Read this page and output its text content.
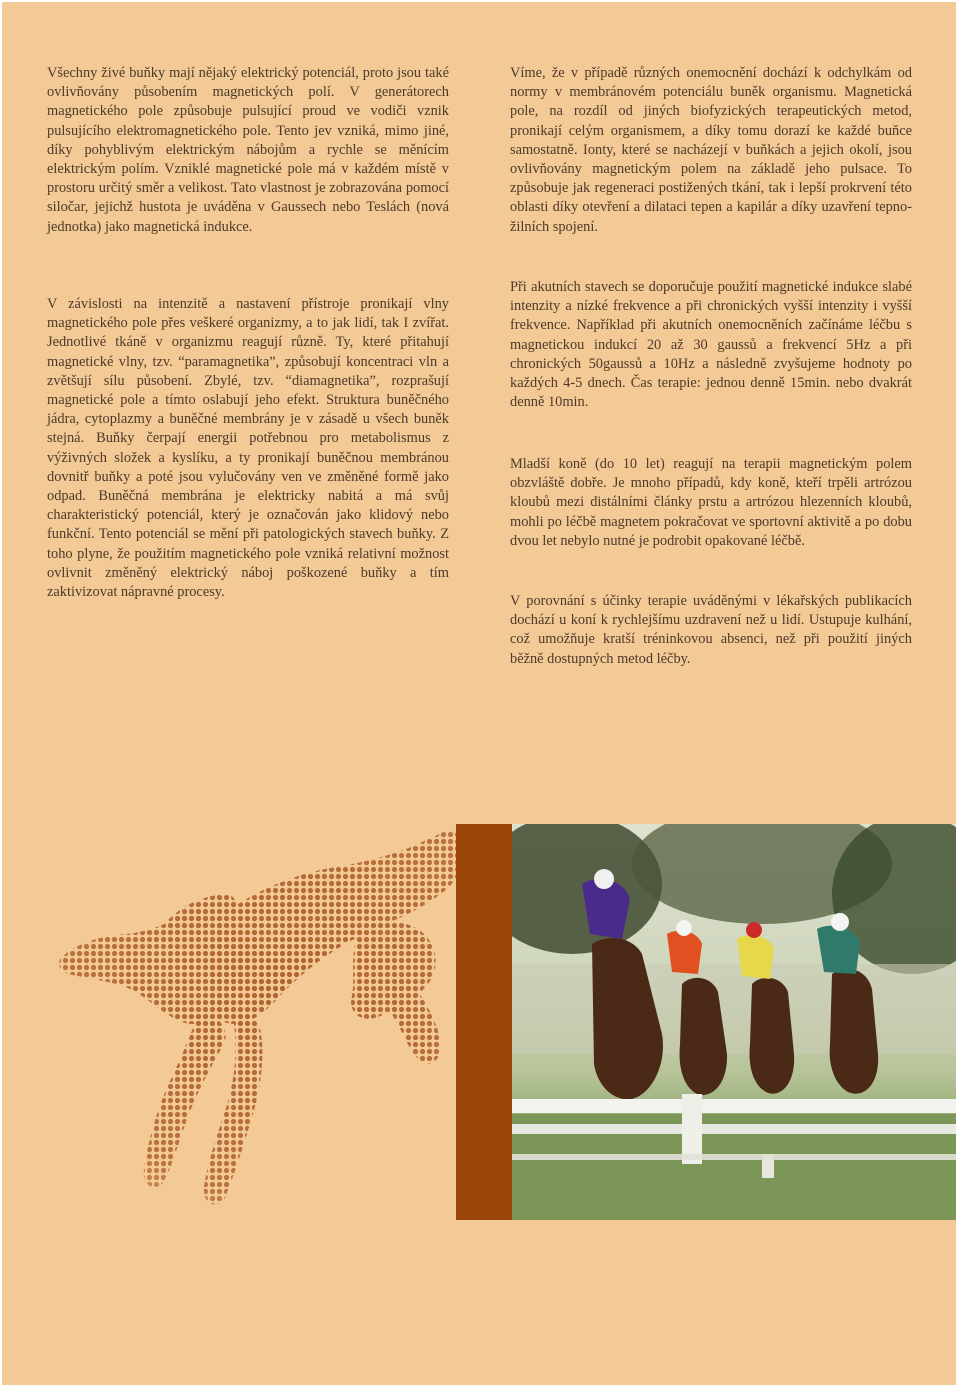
Všechny živé buňky mají nějaký elektrický potenciál, proto jsou také ovlivňovány působením magnetických polí. V generátorech magnetického pole způsobuje pulsující proud ve vodiči vznik pulsujícího elektromagnetického pole. Tento jev vzniká, mimo jiné, díky pohyblivým elektrickým nábojům a rychle se měnícím elektrickým polím. Vzniklé magnetické pole má v každém místě v prostoru určitý směr a velikost. Tato vlastnost je zobrazována pomocí siločar, jejichž hustota je uváděna v Gaussech nebo Teslách (nová jednotka) jako magnetická indukce.

Víme, že v případě různých onemocnění dochází k odchylkám od normy v membránovém potenciálu buněk organismu. Magnetická pole, na rozdíl od jiných biofyzických terapeutických metod, pronikají celým organismem, a díky tomu dorazí ke každé buňce samostatně. Ionty, které se nacházejí v buňkách a jejich okolí, jsou ovlivňovány magnetickým polem na základě jeho pulsace. To způsobuje jak regeneraci postižených tkání, tak i lepší prokrvení této oblasti díky otevření a dilataci tepen a kapilár a díky uzavření tepno-žilních spojení.

V závislosti na intenzitě a nastavení přístroje pronikají vlny magnetického pole přes veškeré organizmy, a to jak lidí, tak I zvířat. Jednotlivé tkáně v organizmu reagují různě. Ty, které přitahují magnetické vlny, tzv. “paramagnetika”, způsobují koncentraci vln a zvětšují sílu působení. Zbylé, tzv. “diamagnetika”, rozprašují magnetické pole a tímto oslabují jeho efekt. Struktura buněčného jádra, cytoplazmy a buněčné membrány je v zásadě u všech buněk stejná. Buňky čerpají energii potřebnou pro metabolismus z výživných složek a kyslíku, a ty pronikají buněčnou membránou dovnitř buňky a poté jsou vylučovány ven ve změněné formě jako odpad. Buněčná membrána je elektricky nabitá a má svůj charakteristický potenciál, který je označován jako klidový nebo funkční. Tento potenciál se mění při patologických stavech buňky. Z toho plyne, že použitím magnetického pole vzniká relativní možnost ovlivnit změněný elektrický náboj poškozené buňky a tím zaktivizovat nápravné procesy.

Při akutních stavech se doporučuje použití magnetické indukce slabé intenzity a nízké frekvence a při chronických vyšší intenzity i vyšší frekvence. Například při akutních onemocněních začínáme léčbu s magnetickou indukcí 20 až 30 gaussů a frekvencí 5Hz a při chronických 50gaussů a 10Hz a následně zvyšujeme hodnoty po každých 4-5 dnech. Čas terapie: jednou denně 15min. nebo dvakrát denně 10min.

Mladší koně (do 10 let) reagují na terapii magnetickým polem obzvláště dobře. Je mnoho případů, kdy koně, kteří trpěli artrózou kloubů mezi distálními články prstu a artrózou hlezenních kloubů, mohli po léčbě magnetem pokračovat ve sportovní aktivitě a po dobu dvou let nebylo nutné je podrobit opakované léčbě.

V porovnání s účinky terapie uváděnými v lékařských publikacích dochází u koní k rychlejšímu uzdravení než u lidí. Ustupuje kulhání, což umožňuje kratší tréninkovou absenci, než při použití jiných běžně dostupných metod léčby.
